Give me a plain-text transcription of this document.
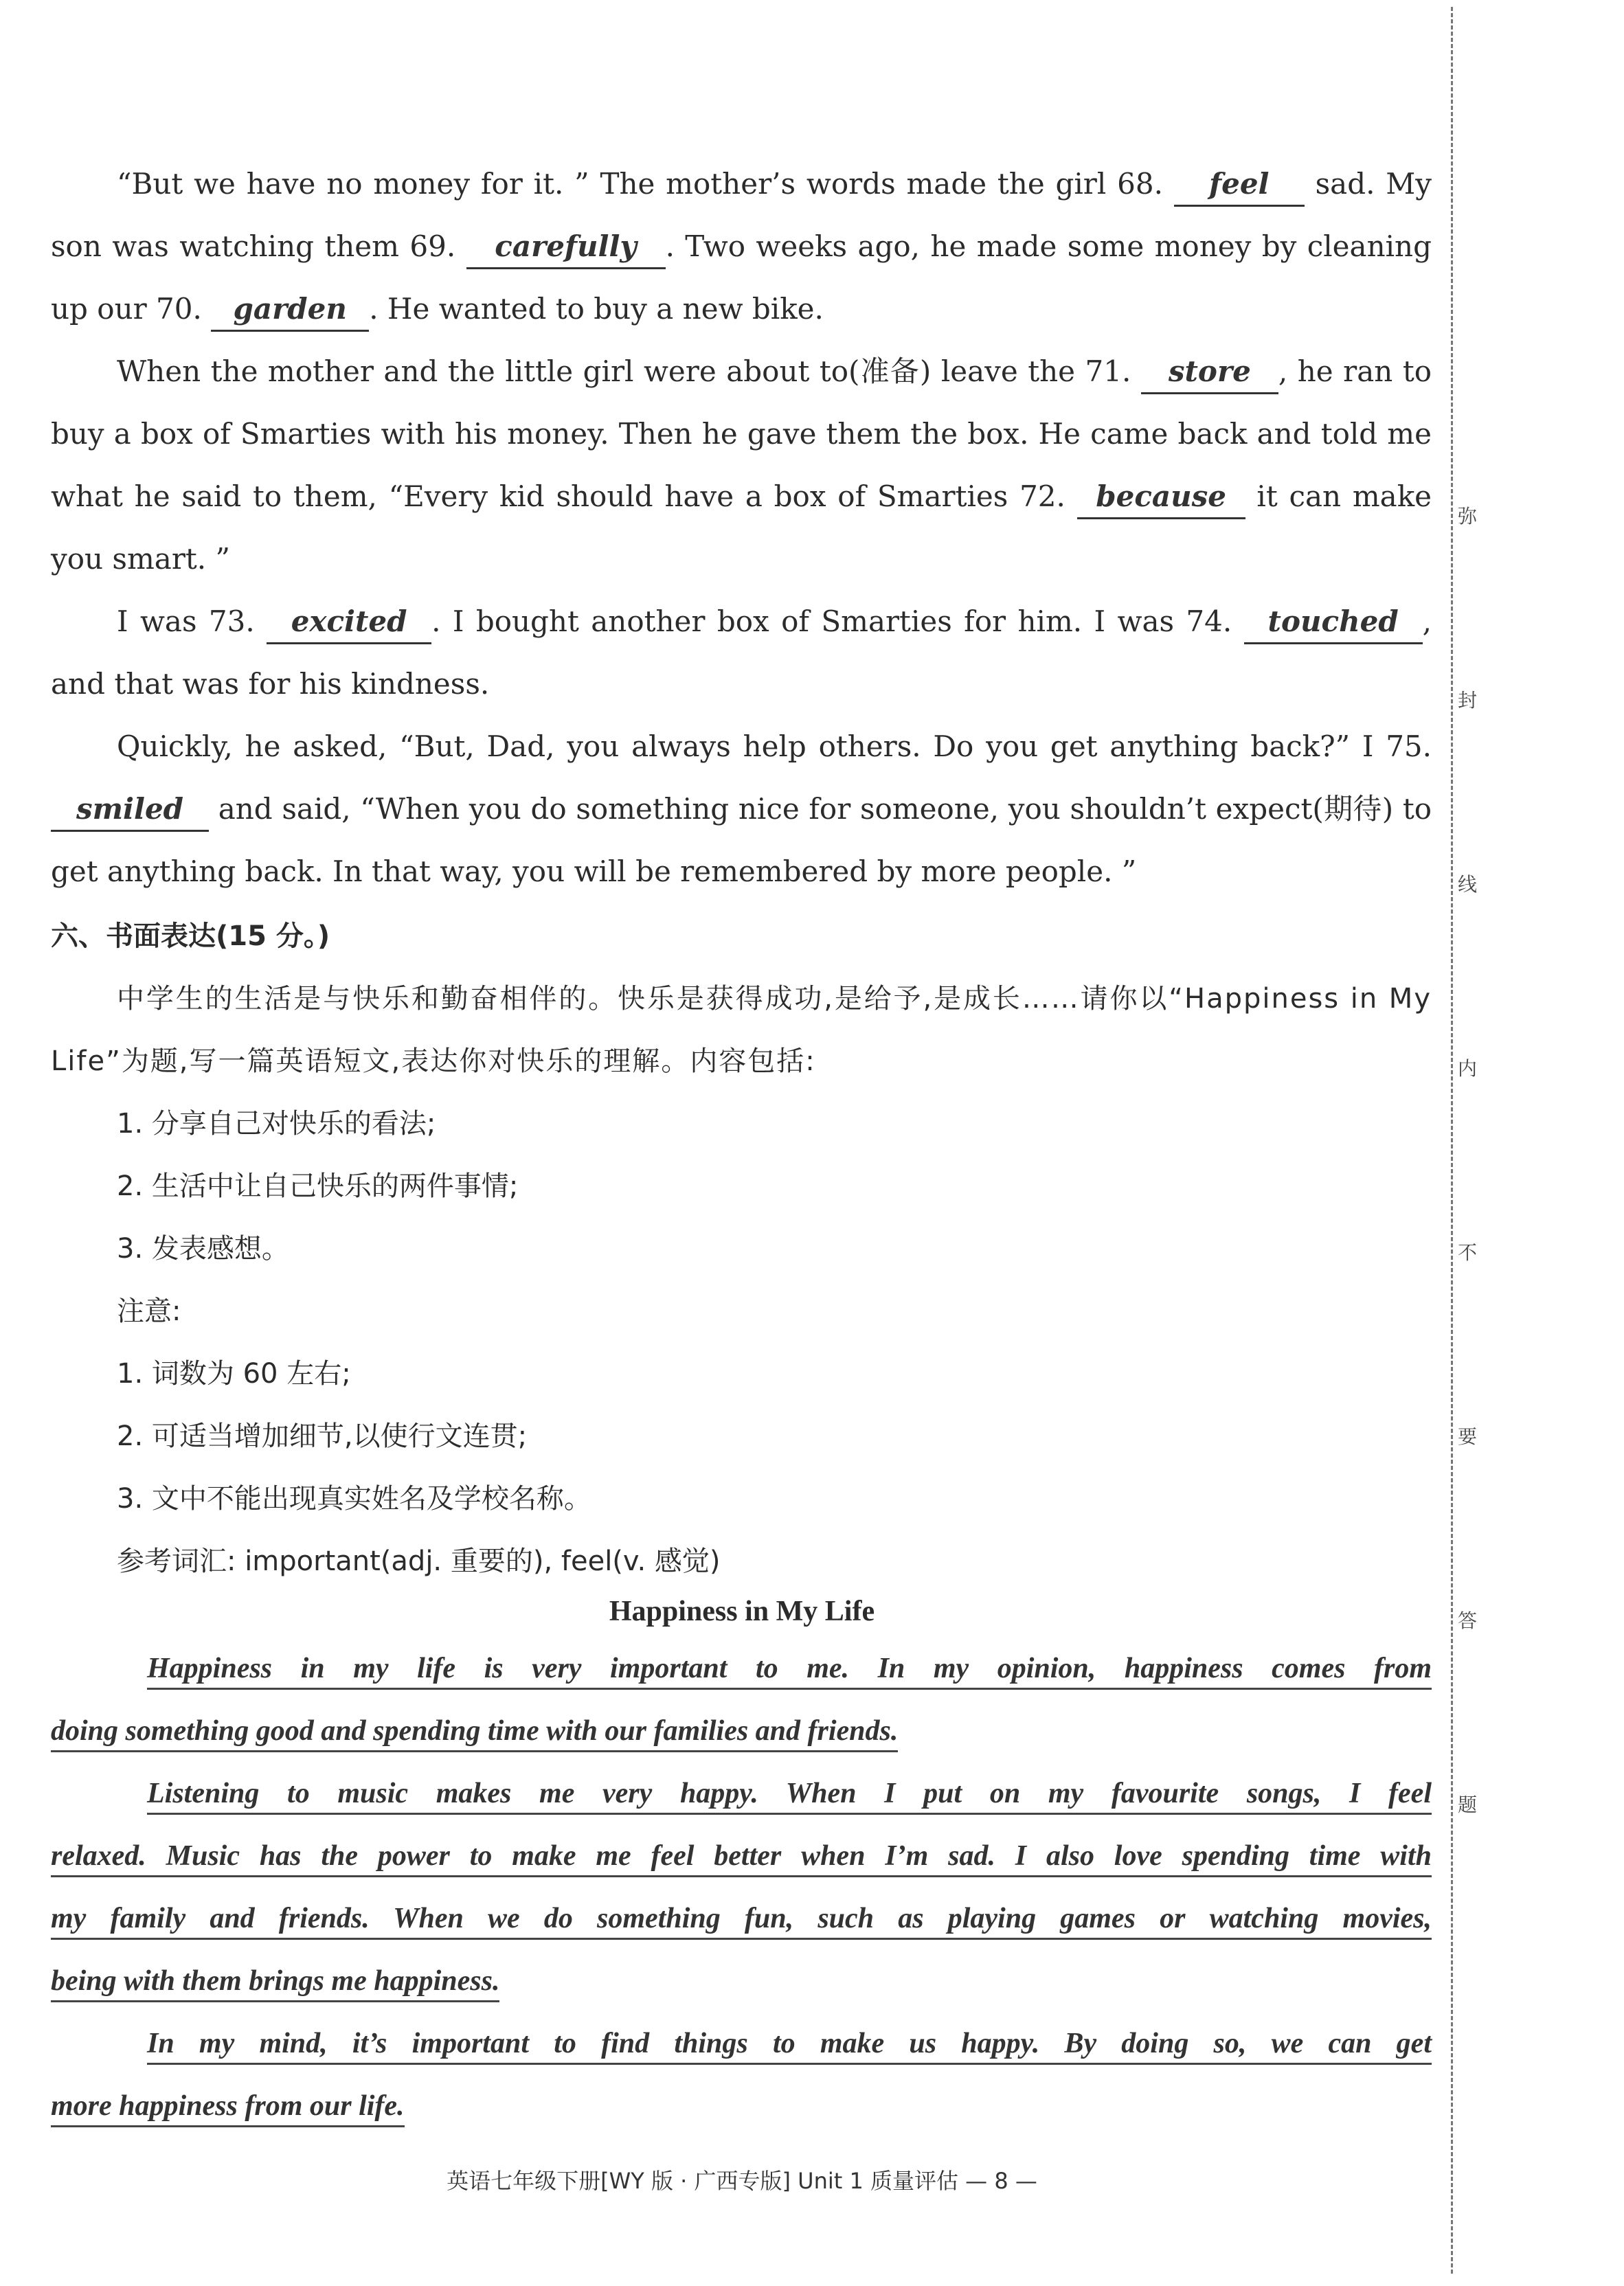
弥
封
线
内
不
要
答
题

“But we have no money for it. ” The mother’s words made the girl 68. feel sad. My son was watching them 69. carefully . Two weeks ago, he made some money by cleaning up our 70. garden . He wanted to buy a new bike.

When the mother and the little girl were about to(准备) leave the 71. store , he ran to buy a box of Smarties with his money. Then he gave them the box. He came back and told me what he said to them, “Every kid should have a box of Smarties 72. because it can make you smart. ”

I was 73. excited . I bought another box of Smarties for him. I was 74. touched , and that was for his kindness.

Quickly, he asked, “But, Dad, you always help others. Do you get anything back?” I 75. smiled and said, “When you do something nice for someone, you shouldn’t expect(期待) to get anything back. In that way, you will be remembered by more people. ”

六、书面表达(15 分。)

中学生的生活是与快乐和勤奋相伴的。快乐是获得成功,是给予,是成长……请你以“Happiness in My Life”为题,写一篇英语短文,表达你对快乐的理解。内容包括:

1. 分享自己对快乐的看法;

2. 生活中让自己快乐的两件事情;

3. 发表感想。

注意:

1. 词数为 60 左右;

2. 可适当增加细节,以使行文连贯;

3. 文中不能出现真实姓名及学校名称。

参考词汇: important(adj. 重要的), feel(v. 感觉)

Happiness in My Life
Happiness in my life is very important to me. In my opinion, happiness comes from
doing something good and spending time with our families and friends.
Listening to music makes me very happy. When I put on my favourite songs, I feel
relaxed. Music has the power to make me feel better when I’m sad. I also love spending time with
my family and friends. When we do something fun, such as playing games or watching movies,
being with them brings me happiness.
In my mind, it’s important to find things to make us happy. By doing so, we can get
more happiness from our life.
英语七年级下册[WY 版 · 广西专版] Unit 1 质量评估 — 8 —
